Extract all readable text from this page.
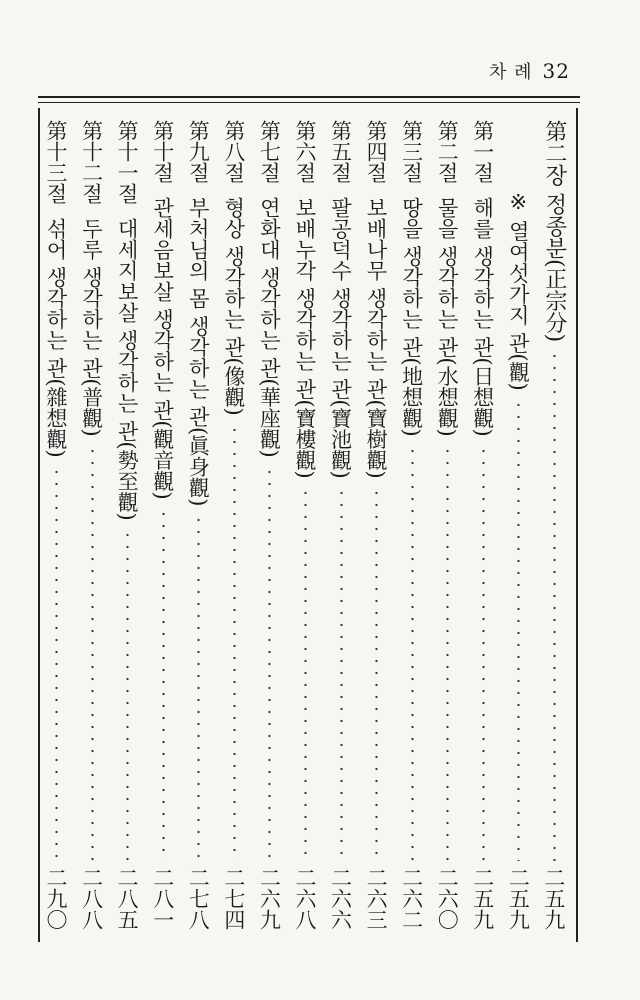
차 례 32
第二장 정종분(正宗分)
二五九
※ 열여섯가지 관(觀)
二五九
第一절해를 생각하는 관(日想觀)
二五九
第二절물을 생각하는 관(水想觀)
二六〇
第三절땅을 생각하는 관(地想觀)
二六二
第四절보배나무 생각하는 관(寶樹觀)
二六三
第五절팔공덕수 생각하는 관(寶池觀)
二六六
第六절보배누각 생각하는 관(寶樓觀)
二六八
第七절연화대 생각하는 관(華座觀)
二六九
第八절형상 생각하는 관(像觀)
二七四
第九절부처님의 몸 생각하는 관(眞身觀)
二七八
第十절관세음보살 생각하는 관(觀音觀)
二八一
第十一절대세지보살 생각하는 관(勢至觀)
二八五
第十二절두루 생각하는 관(普觀)
二八八
第十三절섞어 생각하는 관(雜想觀)
二九〇
